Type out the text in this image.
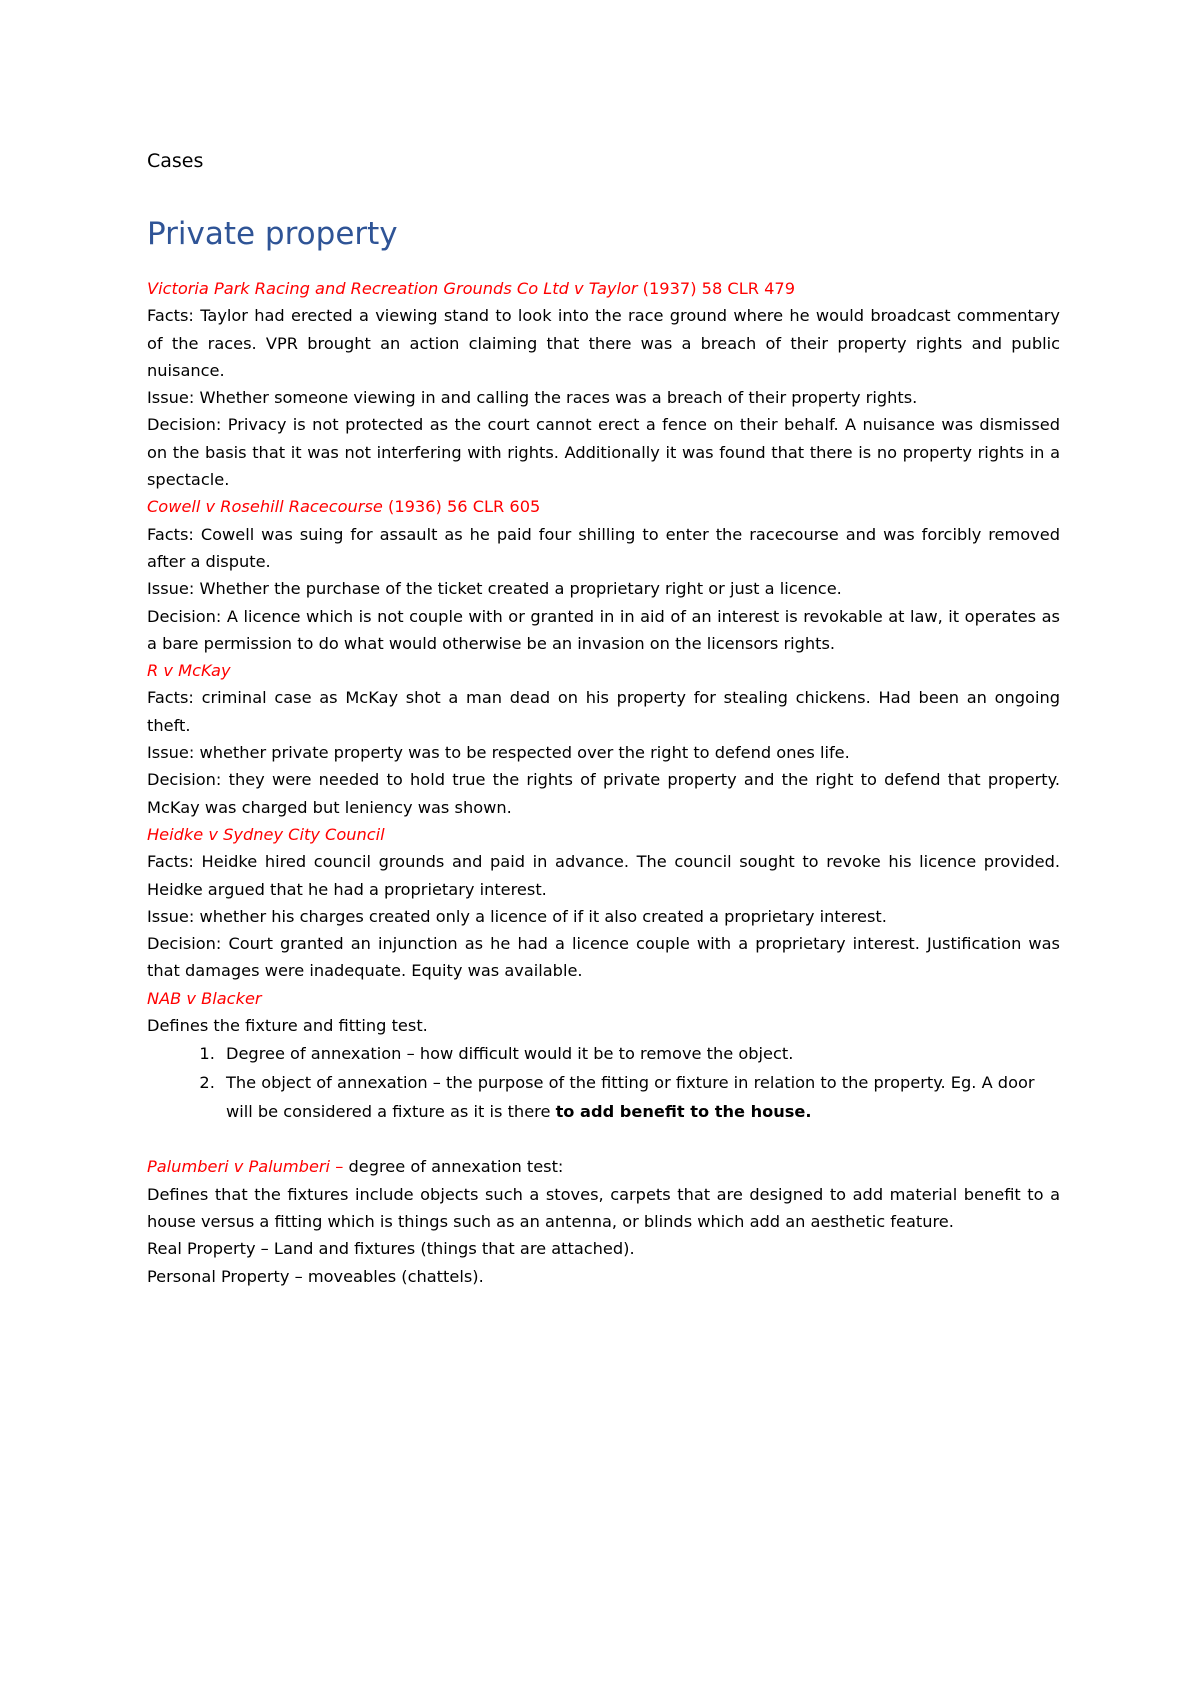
Cases

Private property

Victoria Park Racing and Recreation Grounds Co Ltd v Taylor (1937) 58 CLR 479

Facts: Taylor had erected a viewing stand to look into the race ground where he would broadcast commentary of the races. VPR brought an action claiming that there was a breach of their property rights and public nuisance.

Issue: Whether someone viewing in and calling the races was a breach of their property rights.

Decision: Privacy is not protected as the court cannot erect a fence on their behalf. A nuisance was dismissed on the basis that it was not interfering with rights. Additionally it was found that there is no property rights in a spectacle.

Cowell v Rosehill Racecourse (1936) 56 CLR 605

Facts: Cowell was suing for assault as he paid four shilling to enter the racecourse and was forcibly removed after a dispute.

Issue: Whether the purchase of the ticket created a proprietary right or just a licence.

Decision: A licence which is not couple with or granted in in aid of an interest is revokable at law, it operates as a bare permission to do what would otherwise be an invasion on the licensors rights.

R v McKay

Facts: criminal case as McKay shot a man dead on his property for stealing chickens. Had been an ongoing theft.

Issue: whether private property was to be respected over the right to defend ones life.

Decision: they were needed to hold true the rights of private property and the right to defend that property. McKay was charged but leniency was shown.

Heidke v Sydney City Council

Facts: Heidke hired council grounds and paid in advance. The council sought to revoke his licence provided. Heidke argued that he had a proprietary interest.

Issue: whether his charges created only a licence of if it also created a proprietary interest.

Decision: Court granted an injunction as he had a licence couple with a proprietary interest. Justification was that damages were inadequate. Equity was available.

NAB v Blacker

Defines the fixture and fitting test.

1. Degree of annexation – how difficult would it be to remove the object.
2. The object of annexation – the purpose of the fitting or fixture in relation to the property. Eg. A door will be considered a fixture as it is there to add benefit to the house.

Palumberi v Palumberi – degree of annexation test:

Defines that the fixtures include objects such a stoves, carpets that are designed to add material benefit to a house versus a fitting which is things such as an antenna, or blinds which add an aesthetic feature.

Real Property – Land and fixtures (things that are attached).

Personal Property – moveables (chattels).
